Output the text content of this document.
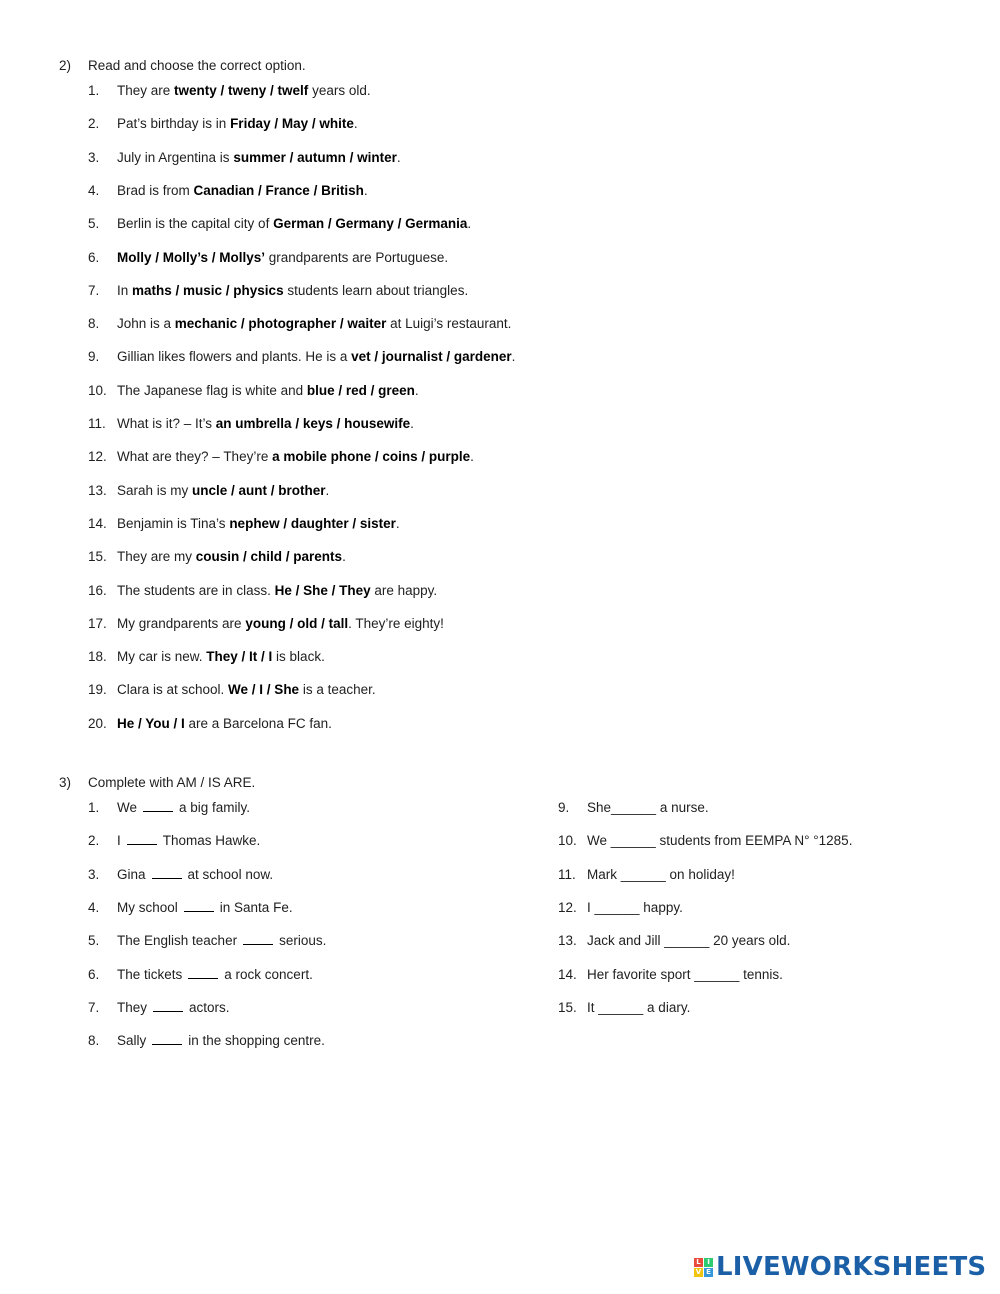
2)	Read and choose the correct option.
1. They are twenty / tweny / twelf years old.
2. Pat’s birthday is in Friday / May / white.
3. July in Argentina is summer / autumn / winter.
4. Brad is from Canadian / France / British.
5. Berlin is the capital city of German / Germany / Germania.
6. Molly / Molly’s / Mollys’ grandparents are Portuguese.
7. In maths / music / physics students learn about triangles.
8. John is a mechanic / photographer / waiter at Luigi’s restaurant.
9. Gillian likes flowers and plants. He is a vet / journalist / gardener.
10. The Japanese flag is white and blue / red / green.
11. What is it? – It’s an umbrella / keys / housewife.
12. What are they? – They’re a mobile phone / coins / purple.
13. Sarah is my uncle / aunt / brother.
14. Benjamin is Tina’s nephew / daughter / sister.
15. They are my cousin / child / parents.
16. The students are in class. He / She / They are happy.
17. My grandparents are young / old / tall. They’re eighty!
18. My car is new. They / It / I is black.
19. Clara is at school. We / I / She is a teacher.
20. He / You / I are a Barcelona FC fan.
3)	Complete with AM / IS ARE.
1. We	a big family.
2. I	Thomas Hawke.
3. Gina	at school now.
4. My school	in Santa Fe.
5. The English teacher	serious.
6. The tickets	a rock concert.
7. They	actors.
8. Sally	in the shopping centre.
9. She______ a nurse.
10. We ______ students from EEMPA N° °1285.
11. Mark ______ on holiday!
12. I ______ happy.
13. Jack and Jill ______ 20 years old.
14. Her favorite sport ______ tennis.
15. It ______ a diary.
L I
V E LIVEWORKSHEETS
